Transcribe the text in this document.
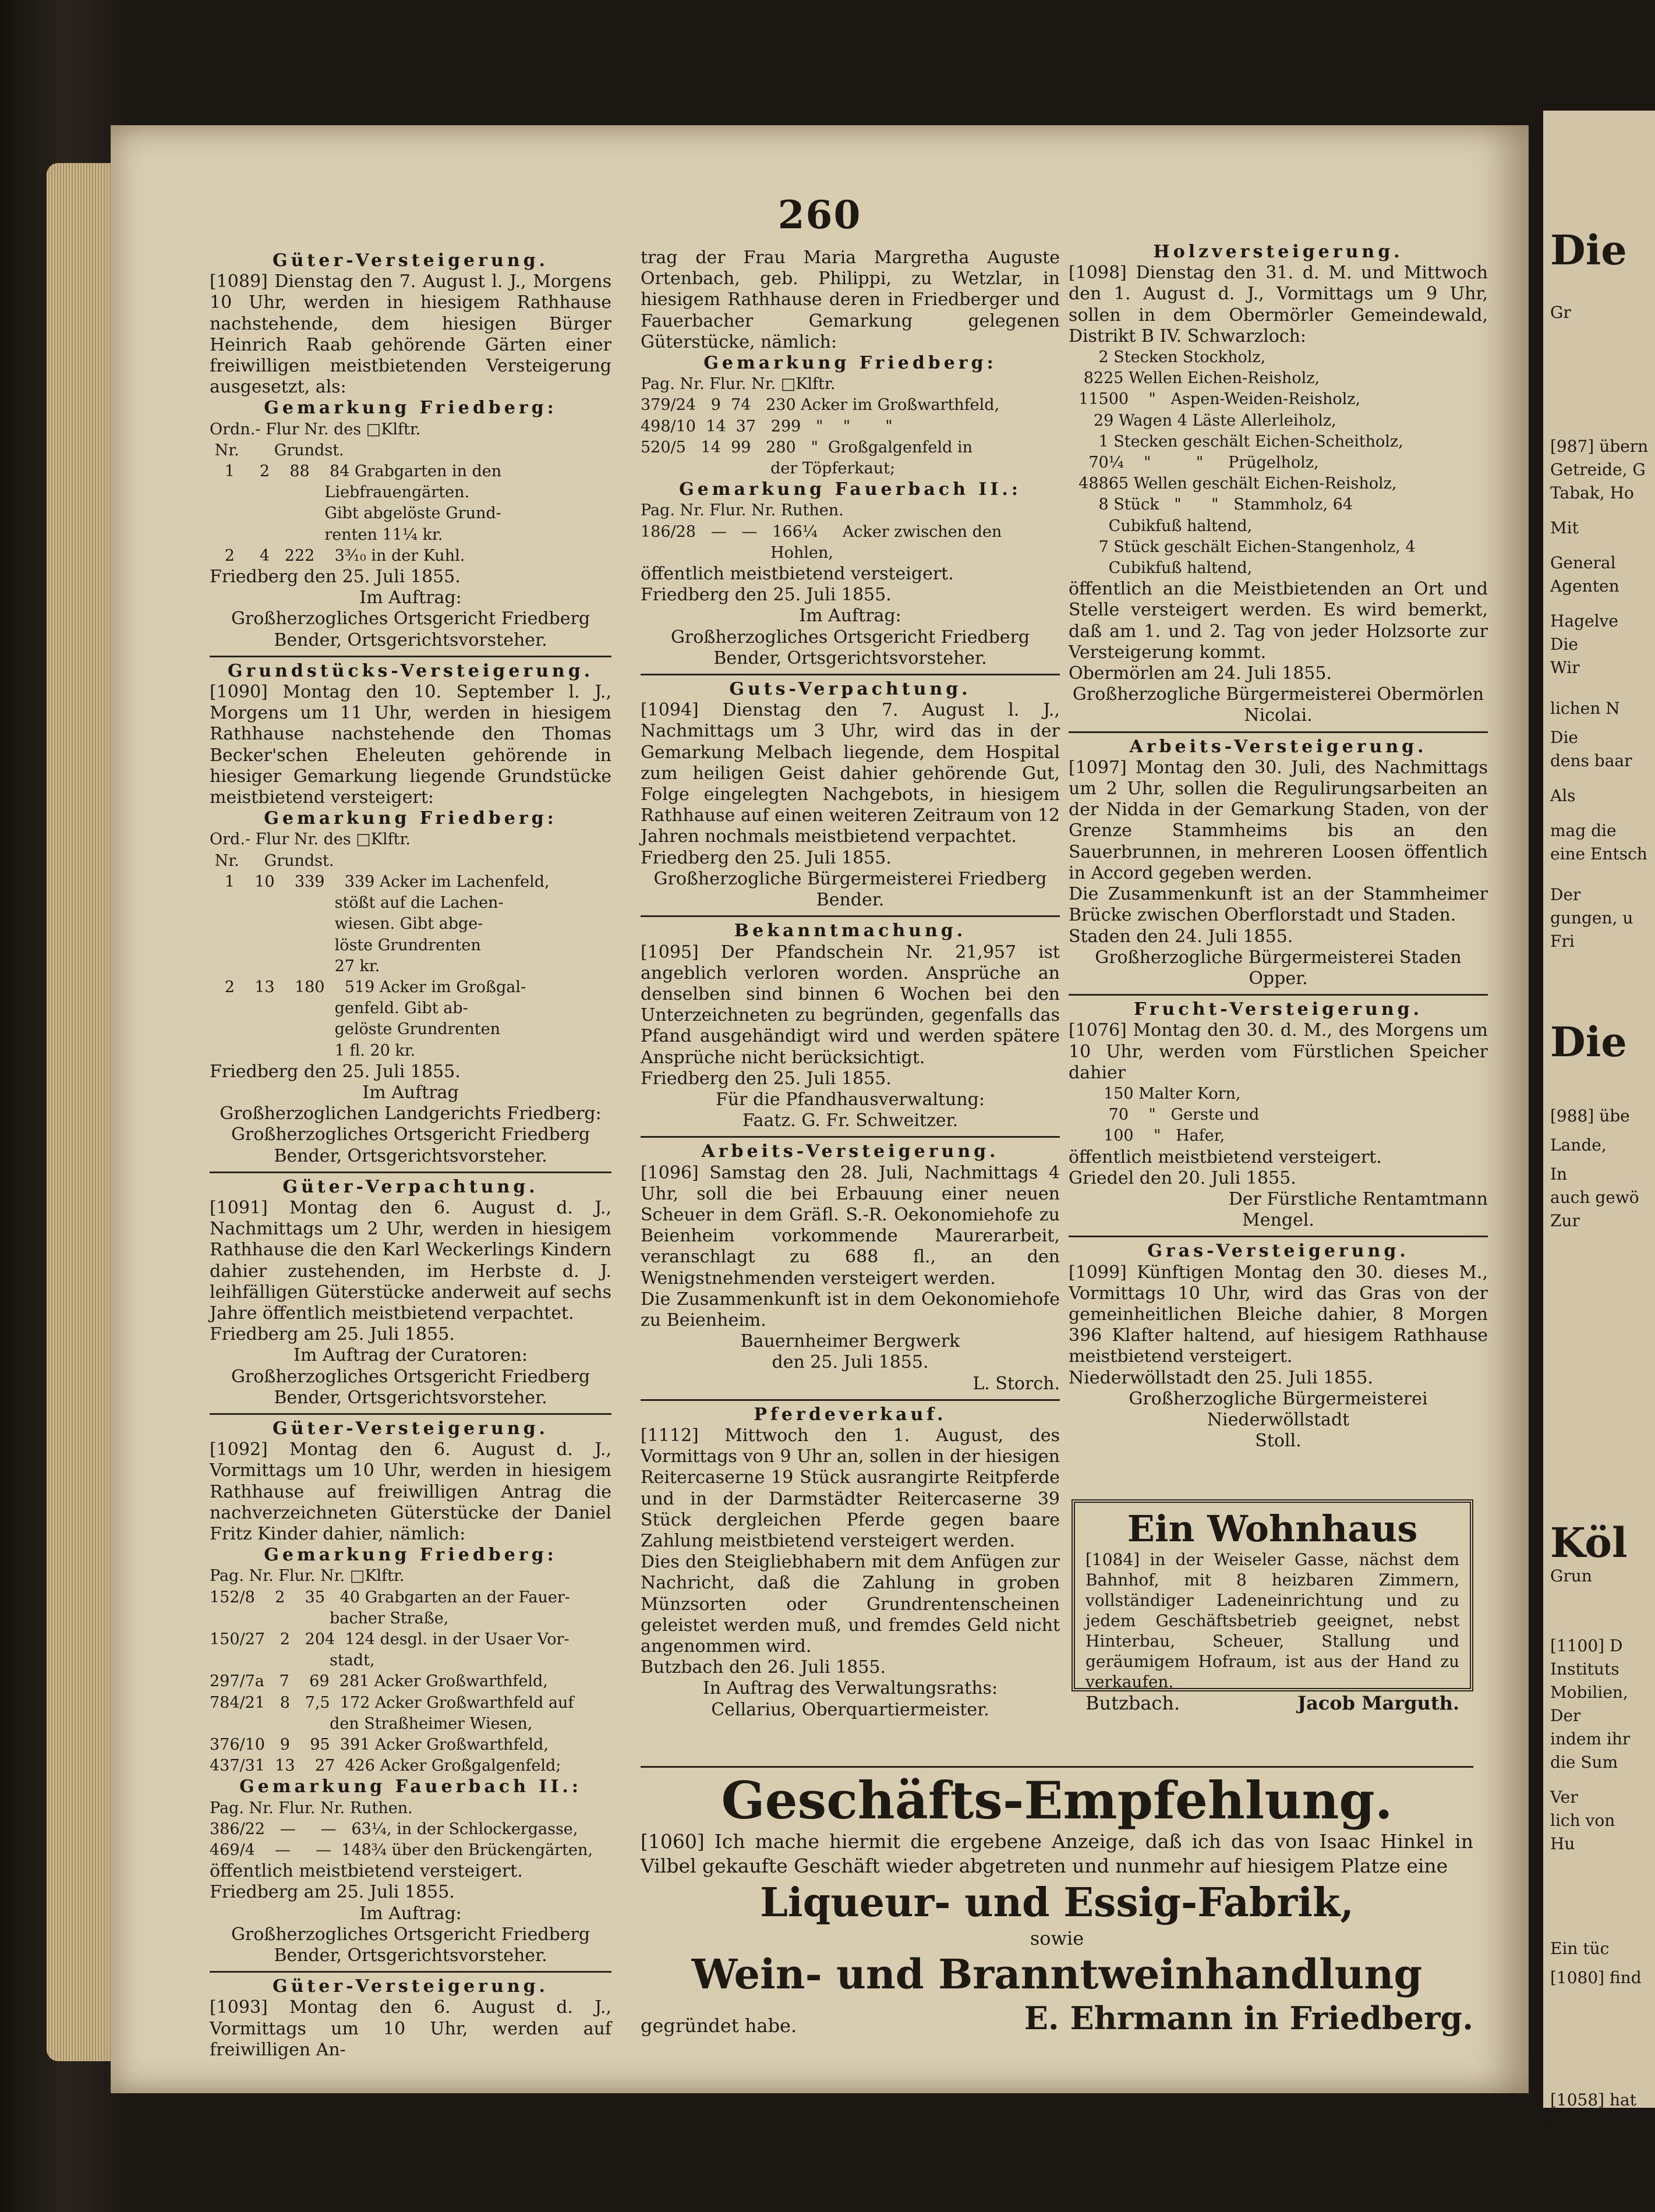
260
Güter-Versteigerung.
[1089] Dienstag den 7. August l. J., Morgens 10 Uhr, werden in hiesigem Rathhause nachstehende, dem hiesigen Bürger Heinrich Raab gehörende Gärten einer freiwilligen meistbietenden Versteigerung ausgesetzt, als:
Gemarkung Friedberg:
Ordn.- Flur Nr. des □Klftr.
Nr.       Grundst.
1     2    88    84 Grabgarten in den
Liebfrauengärten.
Gibt abgelöste Grund-
renten 11¼ kr.
2     4   222    3³⁄₁₀ in der Kuhl.
Friedberg den 25. Juli 1855.
Im Auftrag:
Großherzogliches Ortsgericht Friedberg
Bender, Ortsgerichtsvorsteher.
Grundstücks-Versteigerung.
[1090] Montag den 10. September l. J., Morgens um 11 Uhr, werden in hiesigem Rathhause nachstehende den Thomas Becker'schen Eheleuten gehörende in hiesiger Gemarkung liegende Grundstücke meistbietend versteigert:
Gemarkung Friedberg:
Ord.- Flur Nr. des □Klftr.
Nr.     Grundst.
1    10    339    339 Acker im Lachenfeld,
stößt auf die Lachen-
wiesen. Gibt abge-
löste Grundrenten
27 kr.
2    13    180    519 Acker im Großgal-
genfeld. Gibt ab-
gelöste Grundrenten
1 fl. 20 kr.
Friedberg den 25. Juli 1855.
Im Auftrag
Großherzoglichen Landgerichts Friedberg:
Großherzogliches Ortsgericht Friedberg
Bender, Ortsgerichtsvorsteher.
Güter-Verpachtung.
[1091] Montag den 6. August d. J., Nachmittags um 2 Uhr, werden in hiesigem Rathhause die den Karl Weckerlings Kindern dahier zustehenden, im Herbste d. J. leihfälligen Güterstücke anderweit auf sechs Jahre öffentlich meistbietend verpachtet.
Friedberg am 25. Juli 1855.
Im Auftrag der Curatoren:
Großherzogliches Ortsgericht Friedberg
Bender, Ortsgerichtsvorsteher.
Güter-Versteigerung.
[1092] Montag den 6. August d. J., Vormittags um 10 Uhr, werden in hiesigem Rathhause auf freiwilligen Antrag die nachverzeichneten Güterstücke der Daniel Fritz Kinder dahier, nämlich:
Gemarkung Friedberg:
Pag. Nr. Flur. Nr. □Klftr.
152/8    2    35   40 Grabgarten an der Fauer-
bacher Straße,
150/27   2   204  124 desgl. in der Usaer Vor-
stadt,
297/7a   7    69  281 Acker Großwarthfeld,
784/21   8   7,5  172 Acker Großwarthfeld auf
den Straßheimer Wiesen,
376/10   9    95  391 Acker Großwarthfeld,
437/31  13    27  426 Acker Großgalgenfeld;
Gemarkung Fauerbach II.:
Pag. Nr. Flur. Nr. Ruthen.
386/22   —     —   63¼, in der Schlockergasse,
469/4    —     —  148¾ über den Brückengärten,
öffentlich meistbietend versteigert.
Friedberg am 25. Juli 1855.
Im Auftrag:
Großherzogliches Ortsgericht Friedberg
Bender, Ortsgerichtsvorsteher.
Güter-Versteigerung.
[1093] Montag den 6. August d. J., Vormittags um 10 Uhr, werden auf freiwilligen An-
trag der Frau Maria Margretha Auguste Ortenbach, geb. Philippi, zu Wetzlar, in hiesigem Rathhause deren in Friedberger und Fauerbacher Gemarkung gelegenen Güterstücke, nämlich:
Gemarkung Friedberg:
Pag. Nr. Flur. Nr. □Klftr.
379/24   9  74   230 Acker im Großwarthfeld,
498/10  14  37   299   "    "       "
520/5   14  99   280   "  Großgalgenfeld in
der Töpferkaut;
Gemarkung Fauerbach II.:
Pag. Nr. Flur. Nr. Ruthen.
186/28   —   —   166¼     Acker zwischen den
Hohlen,
öffentlich meistbietend versteigert.
Friedberg den 25. Juli 1855.
Im Auftrag:
Großherzogliches Ortsgericht Friedberg
Bender, Ortsgerichtsvorsteher.
Guts-Verpachtung.
[1094] Dienstag den 7. August l. J., Nachmittags um 3 Uhr, wird das in der Gemarkung Melbach liegende, dem Hospital zum heiligen Geist dahier gehörende Gut, Folge eingelegten Nachgebots, in hiesigem Rathhause auf einen weiteren Zeitraum von 12 Jahren nochmals meistbietend verpachtet.
Friedberg den 25. Juli 1855.
Großherzogliche Bürgermeisterei Friedberg
Bender.
Bekanntmachung.
[1095] Der Pfandschein Nr. 21,957 ist angeblich verloren worden. Ansprüche an denselben sind binnen 6 Wochen bei den Unterzeichneten zu begründen, gegenfalls das Pfand ausgehändigt wird und werden spätere Ansprüche nicht berücksichtigt.
Friedberg den 25. Juli 1855.
Für die Pfandhausverwaltung:
Faatz. G. Fr. Schweitzer.
Arbeits-Versteigerung.
[1096] Samstag den 28. Juli, Nachmittags 4 Uhr, soll die bei Erbauung einer neuen Scheuer in dem Gräfl. S.-R. Oekonomiehofe zu Beienheim vorkommende Maurerarbeit, veranschlagt zu 688 fl., an den Wenigstnehmenden versteigert werden.
Die Zusammenkunft ist in dem Oekonomiehofe zu Beienheim.
Bauernheimer Bergwerk
den 25. Juli 1855.
L. Storch.
Pferdeverkauf.
[1112] Mittwoch den 1. August, des Vormittags von 9 Uhr an, sollen in der hiesigen Reitercaserne 19 Stück ausrangirte Reitpferde und in der Darmstädter Reitercaserne 39 Stück dergleichen Pferde gegen baare Zahlung meistbietend versteigert werden.
Dies den Steigliebhabern mit dem Anfügen zur Nachricht, daß die Zahlung in groben Münzsorten oder Grundrentenscheinen geleistet werden muß, und fremdes Geld nicht angenommen wird.
Butzbach den 26. Juli 1855.
In Auftrag des Verwaltungsraths:
Cellarius, Oberquartiermeister.
Holzversteigerung.
[1098] Dienstag den 31. d. M. und Mittwoch den 1. August d. J., Vormittags um 9 Uhr, sollen in dem Obermörler Gemeindewald, Distrikt B IV. Schwarzloch:
2 Stecken Stockholz,
8225 Wellen Eichen-Reisholz,
11500    "   Aspen-Weiden-Reisholz,
29 Wagen 4 Läste Allerleiholz,
1 Stecken geschält Eichen-Scheitholz,
70¼    "         "     Prügelholz,
48865 Wellen geschält Eichen-Reisholz,
8 Stück   "      "   Stammholz, 64
Cubikfuß haltend,
7 Stück geschält Eichen-Stangenholz, 4
Cubikfuß haltend,
öffentlich an die Meistbietenden an Ort und Stelle versteigert werden. Es wird bemerkt, daß am 1. und 2. Tag von jeder Holzsorte zur Versteigerung kommt.
Obermörlen am 24. Juli 1855.
Großherzogliche Bürgermeisterei Obermörlen
Nicolai.
Arbeits-Versteigerung.
[1097] Montag den 30. Juli, des Nachmittags um 2 Uhr, sollen die Regulirungsarbeiten an der Nidda in der Gemarkung Staden, von der Grenze Stammheims bis an den Sauerbrunnen, in mehreren Loosen öffentlich in Accord gegeben werden.
Die Zusammenkunft ist an der Stammheimer Brücke zwischen Oberflorstadt und Staden.
Staden den 24. Juli 1855.
Großherzogliche Bürgermeisterei Staden
Opper.
Frucht-Versteigerung.
[1076] Montag den 30. d. M., des Morgens um 10 Uhr, werden vom Fürstlichen Speicher dahier
150 Malter Korn,
70    "   Gerste und
100    "   Hafer,
öffentlich meistbietend versteigert.
Griedel den 20. Juli 1855.
Der Fürstliche Rentamtmann
Mengel.
Gras-Versteigerung.
[1099] Künftigen Montag den 30. dieses M., Vormittags 10 Uhr, wird das Gras von der gemeinheitlichen Bleiche dahier, 8 Morgen 396 Klafter haltend, auf hiesigem Rathhause meistbietend versteigert.
Niederwöllstadt den 25. Juli 1855.
Großherzogliche Bürgermeisterei Niederwöllstadt
Stoll.
Ein Wohnhaus
[1084] in der Weiseler Gasse, nächst dem Bahnhof, mit 8 heizbaren Zimmern, vollständiger Ladeneinrichtung und zu jedem Geschäftsbetrieb geeignet, nebst Hinterbau, Scheuer, Stallung und geräumigem Hofraum, ist aus der Hand zu verkaufen.
Butzbach.	Jacob Marguth.
Geschäfts-Empfehlung.
[1060] Ich mache hiermit die ergebene Anzeige, daß ich das von Isaac Hinkel in Vilbel gekaufte Geschäft wieder abgetreten und nunmehr auf hiesigem Platze eine
Liqueur- und Essig-Fabrik,
sowie
Wein- und Branntweinhandlung
gegründet habe.	E. Ehrmann in Friedberg.
Die
Gr
[987] übern
Getreide, G
Tabak, Ho
Mit
General
Agenten
Hagelve
Die
Wir
lichen N
Die
dens baar
Als
mag die
eine Entsch
Der
gungen, u
Fri
Die
[988] übe
Lande,
In
auch gewö
Zur
Köl
Grun
[1100] D
Instituts
Mobilien,
Der
indem ihr
die Sum
Ver
lich von
Hu
Ein tüc
[1080] find
[1058] hat
Friedber
